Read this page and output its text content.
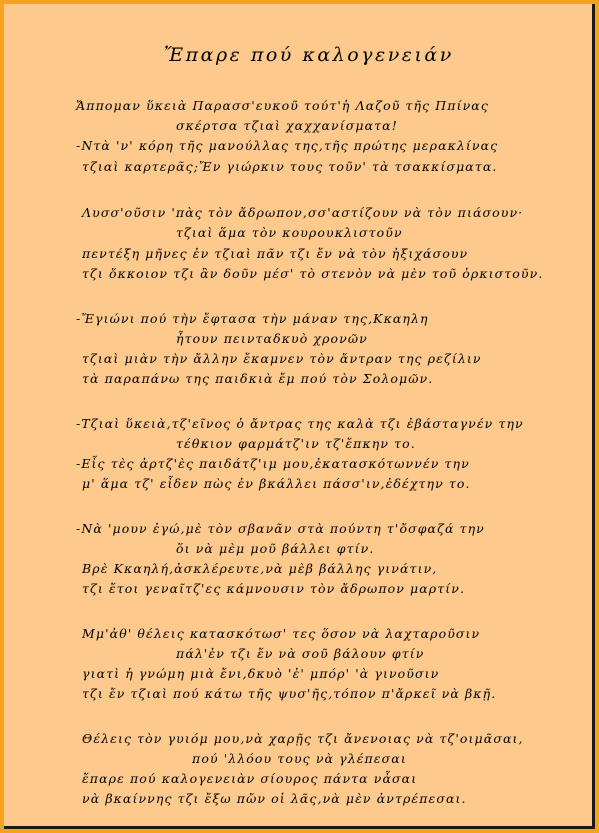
Ἔπαρε πού καλογενειάν
Ἄππομαν ὕκειὰ Παρασσ'ευκοῦ τούτ'ἡ Λαζοῦ τῆς Ππίνας
σκέρτσα τζιαὶ χαχχανίσματα!
-Ντὰ 'ν' κόρη τῆς μανούλλας της,τῆς πρώτης μερακλίνας
τζιαὶ καρτερᾶς;Ἔν γιώρκιν τους τοῦν' τὰ τσακκίσματα.
Λυσσ'οῦσιν 'πὰς τὸν ἄδρωπον,σσ'αστίζουν νὰ τὸν πιάσουν·
τζιαὶ ἅμα τὸν κουρουκλιστοῦν
πεντέξη μῆνες ἐν τζιαὶ πᾶν τζι ἔν νὰ τὸν ἠξιχάσουν
τζι ὄκκοιον τζι ἂν δοῦν μέσ' τὸ στενὸν νὰ μὲν τοῦ ὀρκιστοῦν.
-Ἔγιώνι πού τὴν ἔφτασα τὴν μάναν της,Κκαηλη
ἦτουν πεινταδκυὸ χρονῶν
τζιαὶ μιὰν τὴν ἄλλην ἔκαμνεν τὸν ἄντραν της ρεζίλιν
τὰ παραπάνω της παιδκιὰ ἔμ πού τὸν Σολομῶν.
-Τζιαὶ ὕκειὰ,τζ'εῖνος ὁ ἄντρας της καλὰ τζι ἐβάσταγνέν την
τέθκιον φαρμάτζ'ιν τζ'ἔπκην το.
-Εἶς τὲς ἀρτζ'ὲς παιδάτζ'ιμ μου,ἐκατασκότωννέν την
μ' ἅμα τζ' εἶδεν πὼς ἐν βκάλλει πάσσ'ιν,ἐδέχτην το.
-Νὰ 'μουν ἐγώ,μὲ τὸν σβανᾶν στὰ πούντη τ'ὄσφαζά την
ὅι νὰ μὲμ μοῦ βάλλει φτίν.
Βρὲ Κκαηλή,ἀσκλέρευτε,νὰ μὲβ βάλλης γινάτιν,
τζι ἔτοι γεναῖτζ'ες κάμνουσιν τὸν ἄδρωπον μαρτίν.
Μμ'ἀθ' θέλεις κατασκότωσ' τες ὅσον νὰ λαχταροῦσιν
πάλ'ἐν τζι ἔν νὰ σοῦ βάλουν φτίν
γιατὶ ἡ γνώμη μιὰ ἔνι,δκυὸ 'ἐ' μπόρ' 'ὰ γινοῦσιν
τζι ἔν τζιαὶ πού κάτω τῆς ψυσ'ῆς,τόπον π'ἄρκεῖ νὰ βκῇ.
Θέλεις τὸν γυιόμ μου,νὰ χαρῇς τζι ἄνενοιας νὰ τζ'οιμᾶσαι,
πού 'λλόου τους νὰ γλέπεσαι
ἔπαρε πού καλογενειὰν σίουρος πάντα νἆσαι
νὰ βκαίννης τζι ἔξω πὤν οἱ λᾶς,νὰ μὲν ἀντρέπεσαι.
